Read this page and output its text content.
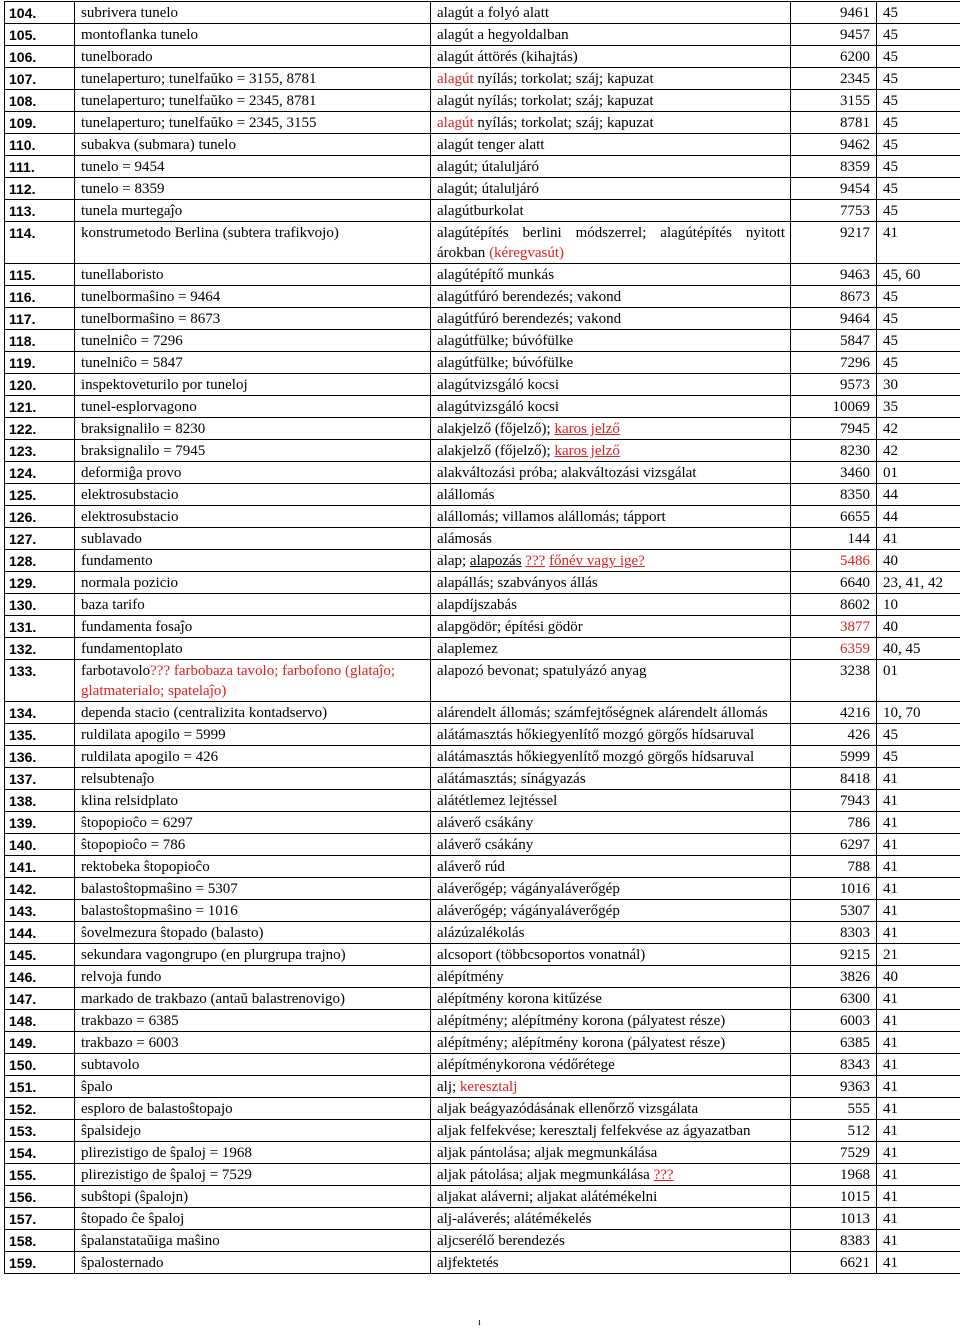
104.	subrivera tunelo	alagút a folyó alatt	9461	45
105.	montoflanka tunelo	alagút a hegyoldalban	9457	45
106.	tunelborado	alagút áttörés (kihajtás)	6200	45
107.	tunelaperturo; tunelfaŭko = 3155, 8781	alagút nyílás; torkolat; száj; kapuzat	2345	45
108.	tunelaperturo; tunelfaŭko = 2345, 8781	alagút nyílás; torkolat; száj; kapuzat	3155	45
109.	tunelaperturo; tunelfaŭko = 2345, 3155	alagút nyílás; torkolat; száj; kapuzat	8781	45
110.	subakva (submara) tunelo	alagút tenger alatt	9462	45
111.	tunelo = 9454	alagút; útaluljáró	8359	45
112.	tunelo = 8359	alagút; útaluljáró	9454	45
113.	tunela murtegaĵo	alagútburkolat	7753	45
114.	konstrumetodo Berlina (subtera trafikvojo)	alagútépítés berlini módszerrel; alagútépítés nyitott árokban (kéregvasút)	9217	41
115.	tunellaboristo	alagútépítő munkás	9463	45, 60
116.	tunelbormaŝino = 9464	alagútfúró berendezés; vakond	8673	45
117.	tunelbormaŝino = 8673	alagútfúró berendezés; vakond	9464	45
118.	tunelniĉo = 7296	alagútfülke; búvófülke	5847	45
119.	tunelniĉo = 5847	alagútfülke; búvófülke	7296	45
120.	inspektoveturilo por tuneloj	alagútvizsgáló kocsi	9573	30
121.	tunel-esplorvagono	alagútvizsgáló kocsi	10069	35
122.	braksignalilo = 8230	alakjelző (főjelző); karos jelző	7945	42
123.	braksignalilo = 7945	alakjelző (főjelző); karos jelző	8230	42
124.	deformiĝa provo	alakváltozási próba; alakváltozási vizsgálat	3460	01
125.	elektrosubstacio	alállomás	8350	44
126.	elektrosubstacio	alállomás; villamos alállomás; tápport	6655	44
127.	sublavado	alámosás	144	41
128.	fundamento	alap; alapozás ??? főnév vagy ige?	5486	40
129.	normala pozicio	alapállás; szabványos állás	6640	23, 41, 42
130.	baza tarifo	alapdíjszabás	8602	10
131.	fundamenta fosaĵo	alapgödör; építési gödör	3877	40
132.	fundamentoplato	alaplemez	6359	40, 45
133.	farbotavolo??? farbobaza tavolo; farbofono (glataĵo; glatmaterialo; spatelaĵo)	alapozó bevonat; spatulyázó anyag	3238	01
134.	dependa stacio (centralizita kontadservo)	alárendelt állomás; számfejtőségnek alárendelt állomás	4216	10, 70
135.	ruldilata apogilo = 5999	alátámasztás hőkiegyenlítő mozgó görgős hídsaruval	426	45
136.	ruldilata apogilo = 426	alátámasztás hőkiegyenlítő mozgó görgős hídsaruval	5999	45
137.	relsubtenaĵo	alátámasztás; sínágyazás	8418	41
138.	klina relsidplato	alátétlemez lejtéssel	7943	41
139.	ŝtopopioĉo = 6297	aláverő csákány	786	41
140.	ŝtopopioĉo = 786	aláverő csákány	6297	41
141.	rektobeka ŝtopopiоĉo	aláverő rúd	788	41
142.	balastoŝtopmaŝino = 5307	aláverőgép; vágányaláverőgép	1016	41
143.	balastoŝtopmaŝino = 1016	aláverőgép; vágányaláverőgép	5307	41
144.	ŝovelmezura ŝtopado (balasto)	alázúzalékolás	8303	41
145.	sekundara vagongrupo (en plurgrupa trajno)	alcsoport (többcsoportos vonatnál)	9215	21
146.	relvoja fundo	alépítmény	3826	40
147.	markado de trakbazo (antaŭ balastrenovigo)	alépítmény korona kitűzése	6300	41
148.	trakbazo = 6385	alépítmény; alépítmény korona (pályatest része)	6003	41
149.	trakbazo = 6003	alépítmény; alépítmény korona (pályatest része)	6385	41
150.	subtavolo	alépítménykorona védőrétege	8343	41
151.	ŝpalo	alj; keresztalj	9363	41
152.	esploro de balastoŝtopajo	aljak beágyazódásának ellenőrző vizsgálata	555	41
153.	ŝpalsidejo	aljak felfekvése; keresztalj felfekvése az ágyazatban	512	41
154.	plirezistigo de ŝpaloj = 1968	aljak pántolása; aljak megmunkálása	7529	41
155.	plirezistigo de ŝpaloj = 7529	aljak pátolása; aljak megmunkálása ???	1968	41
156.	subŝtopi (ŝpalojn)	aljakat aláverni; aljakat alátémékelni	1015	41
157.	ŝtopado ĉe ŝpaloj	alj-aláverés; alátémékelés	1013	41
158.	ŝpalanstataŭiga maŝino	aljcserélő berendezés	8383	41
159.	ŝpalosternado	aljfektetés	6621	41
ı
